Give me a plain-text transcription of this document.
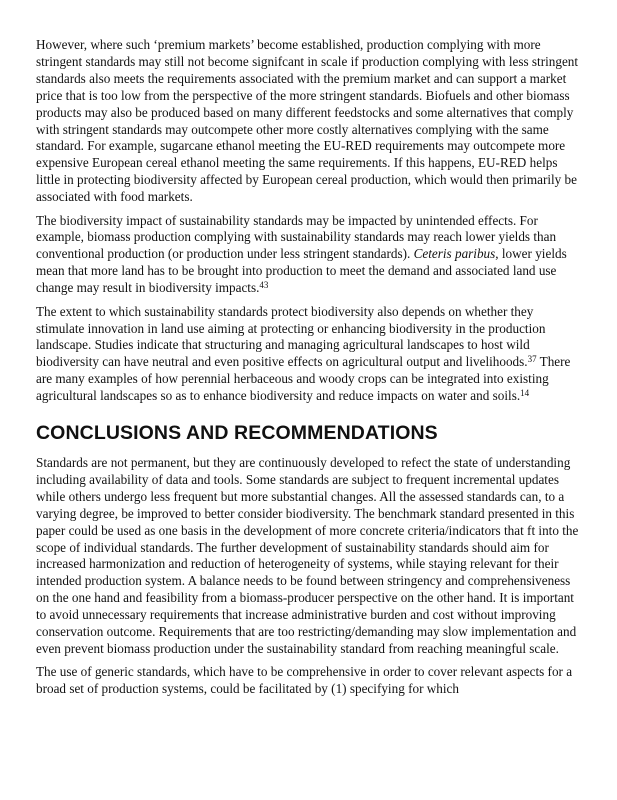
However, where such ‘premium markets’ become established, production complying with more stringent standards may still not become signifcant in scale if production complying with less stringent standards also meets the requirements associated with the premium market and can support a market price that is too low from the perspective of the more stringent standards. Biofuels and other biomass products may also be produced based on many different feedstocks and some alternatives that comply with stringent standards may outcompete other more costly alternatives complying with the same standard. For example, sugarcane ethanol meeting the EU-RED requirements may outcompete more expensive European cereal ethanol meeting the same requirements. If this happens, EU-RED helps little in protecting biodiversity affected by European cereal production, which would then primarily be associated with food markets.

The biodiversity impact of sustainability standards may be impacted by unintended effects. For example, biomass production complying with sustainability standards may reach lower yields than conventional production (or production under less stringent standards). Ceteris paribus, lower yields mean that more land has to be brought into production to meet the demand and associated land use change may result in biodiversity impacts.$^{43}$

The extent to which sustainability standards protect biodiversity also depends on whether they stimulate innovation in land use aiming at protecting or enhancing biodiversity in the production landscape. Studies indicate that structuring and managing agricultural landscapes to host wild biodiversity can have neutral and even positive effects on agricultural output and livelihoods.$^{37}$ There are many examples of how perennial herbaceous and woody crops can be integrated into existing agricultural landscapes so as to enhance biodiversity and reduce impacts on water and soils.$^{14}$

CONCLUSIONS AND RECOMMENDATIONS

Standards are not permanent, but they are continuously developed to refect the state of understanding including availability of data and tools. Some standards are subject to frequent incremental updates while others undergo less frequent but more substantial changes. All the assessed standards can, to a varying degree, be improved to better consider biodiversity. The benchmark standard presented in this paper could be used as one basis in the development of more concrete criteria/indicators that ft into the scope of individual standards. The further development of sustainability standards should aim for increased harmonization and reduction of heterogeneity of systems, while staying relevant for their intended production system. A balance needs to be found between stringency and comprehensiveness on the one hand and feasibility from a biomass-producer perspective on the other hand. It is important to avoid unnecessary requirements that increase administrative burden and cost without improving conservation outcome. Requirements that are too restricting/demanding may slow implementation and even prevent biomass production under the sustainability standard from reaching meaningful scale.

The use of generic standards, which have to be comprehensive in order to cover relevant aspects for a broad set of production systems, could be facilitated by (1) specifying for which
